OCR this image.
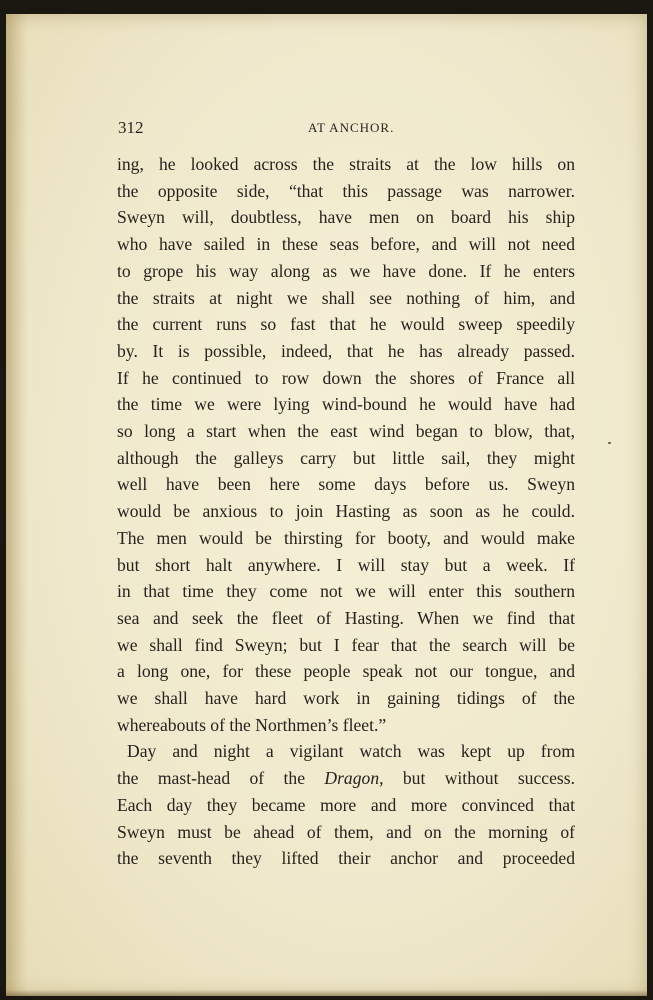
312	AT ANCHOR.
ing, he looked across the straits at the low hills on
the opposite side, “that this passage was narrower.
Sweyn will, doubtless, have men on board his ship
who have sailed in these seas before, and will not need
to grope his way along as we have done. If he enters
the straits at night we shall see nothing of him, and
the current runs so fast that he would sweep speedily
by. It is possible, indeed, that he has already passed.
If he continued to row down the shores of France all
the time we were lying wind-bound he would have had
so long a start when the east wind began to blow, that,
although the galleys carry but little sail, they might
well have been here some days before us. Sweyn
would be anxious to join Hasting as soon as he could.
The men would be thirsting for booty, and would make
but short halt anywhere. I will stay but a week. If
in that time they come not we will enter this southern
sea and seek the fleet of Hasting. When we find that
we shall find Sweyn; but I fear that the search will be
a long one, for these people speak not our tongue, and
we shall have hard work in gaining tidings of the
whereabouts of the Northmen’s fleet.”
Day and night a vigilant watch was kept up from
the mast-head of the Dragon, but without success.
Each day they became more and more convinced that
Sweyn must be ahead of them, and on the morning of
the seventh they lifted their anchor and proceeded
